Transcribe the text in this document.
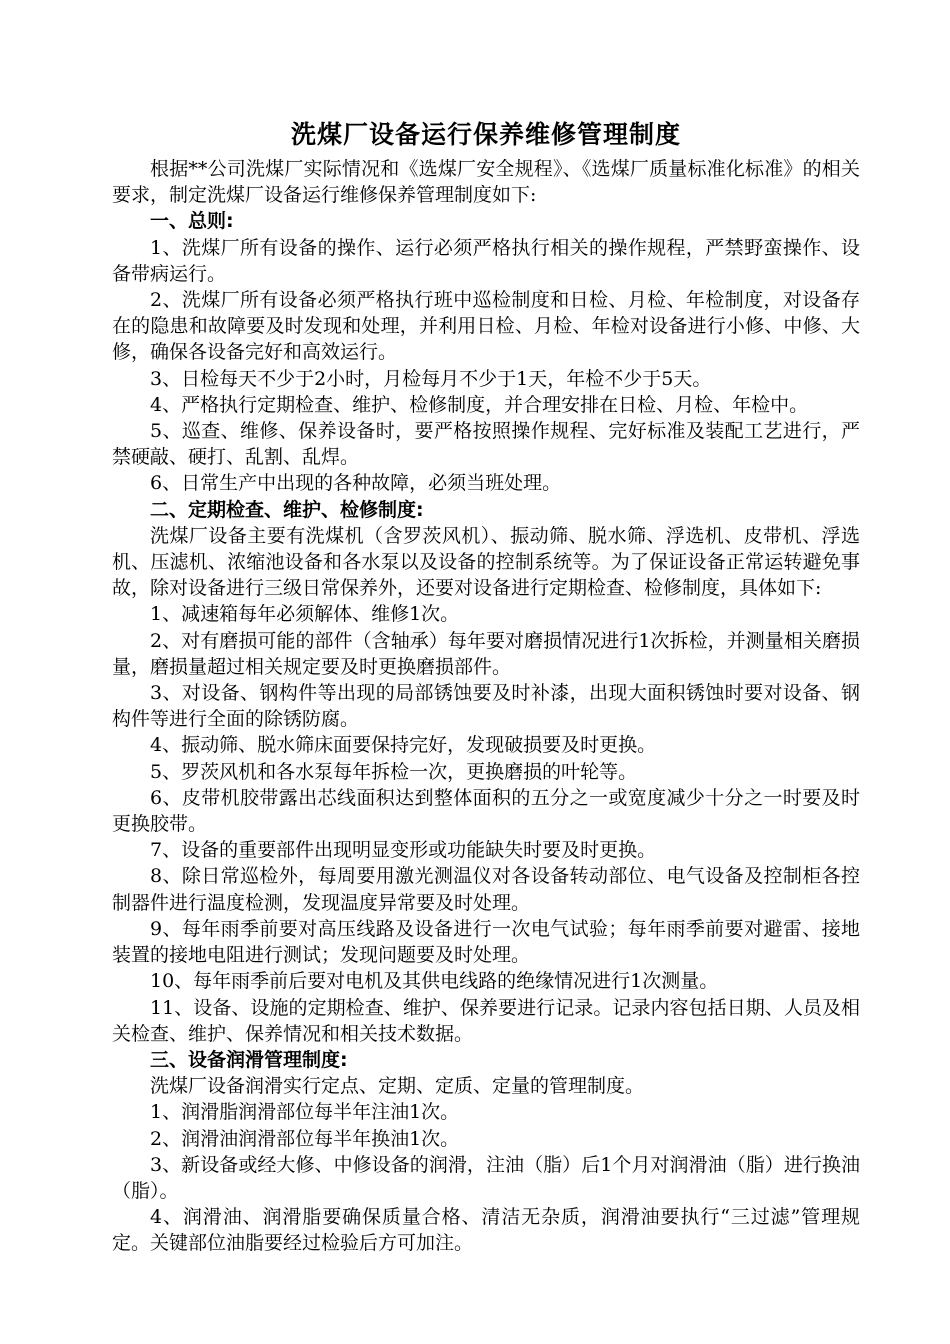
洗煤厂设备运行保养维修管理制度

根据**公司洗煤厂实际情况和《选煤厂安全规程》、《选煤厂质量标准化标准》的相关要求，制定洗煤厂设备运行维修保养管理制度如下:

一、总则:

1、洗煤厂所有设备的操作、运行必须严格执行相关的操作规程，严禁野蛮操作、设备带病运行。

2、洗煤厂所有设备必须严格执行班中巡检制度和日检、月检、年检制度，对设备存在的隐患和故障要及时发现和处理，并利用日检、月检、年检对设备进行小修、中修、大修，确保各设备完好和高效运行。

3、日检每天不少于2小时，月检每月不少于1天，年检不少于5天。

4、严格执行定期检查、维护、检修制度，并合理安排在日检、月检、年检中。

5、巡查、维修、保养设备时，要严格按照操作规程、完好标准及装配工艺进行，严禁硬敲、硬打、乱割、乱焊。

6、日常生产中出现的各种故障，必须当班处理。

二、定期检查、维护、检修制度:

洗煤厂设备主要有洗煤机（含罗茨风机）、振动筛、脱水筛、浮选机、皮带机、浮选机、压滤机、浓缩池设备和各水泵以及设备的控制系统等。为了保证设备正常运转避免事故，除对设备进行三级日常保养外，还要对设备进行定期检查、检修制度，具体如下:

1、减速箱每年必须解体、维修1次。

2、对有磨损可能的部件（含轴承）每年要对磨损情况进行1次拆检，并测量相关磨损量，磨损量超过相关规定要及时更换磨损部件。

3、对设备、钢构件等出现的局部锈蚀要及时补漆，出现大面积锈蚀时要对设备、钢构件等进行全面的除锈防腐。

4、振动筛、脱水筛床面要保持完好，发现破损要及时更换。

5、罗茨风机和各水泵每年拆检一次，更换磨损的叶轮等。

6、皮带机胶带露出芯线面积达到整体面积的五分之一或宽度减少十分之一时要及时更换胶带。

7、设备的重要部件出现明显变形或功能缺失时要及时更换。

8、除日常巡检外，每周要用激光测温仪对各设备转动部位、电气设备及控制柜各控制器件进行温度检测，发现温度异常要及时处理。

9、每年雨季前要对高压线路及设备进行一次电气试验；每年雨季前要对避雷、接地装置的接地电阻进行测试；发现问题要及时处理。

10、每年雨季前后要对电机及其供电线路的绝缘情况进行1次测量。

11、设备、设施的定期检查、维护、保养要进行记录。记录内容包括日期、人员及相关检查、维护、保养情况和相关技术数据。

三、设备润滑管理制度:

洗煤厂设备润滑实行定点、定期、定质、定量的管理制度。

1、润滑脂润滑部位每半年注油1次。

2、润滑油润滑部位每半年换油1次。

3、新设备或经大修、中修设备的润滑，注油（脂）后1个月对润滑油（脂）进行换油（脂）。

4、润滑油、润滑脂要确保质量合格、清洁无杂质，润滑油要执行“三过滤”管理规定。关键部位油脂要经过检验后方可加注。
